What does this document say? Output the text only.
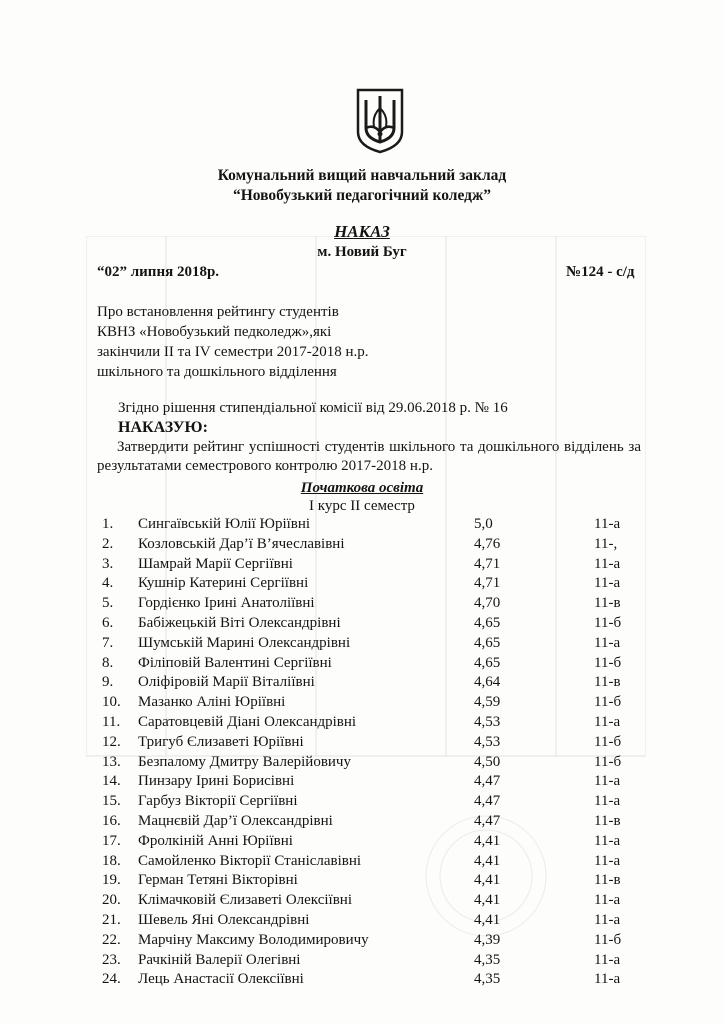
Комунальний вищий навчальний заклад
“Новобузький педагогічний коледж”
НАКАЗ
м. Новий Буг
“02” липня 2018р.	№124 - с/д
Про встановлення рейтингу студентів
КВНЗ «Новобузький педколедж»,які
закінчили ІІ та ІV семестри 2017-2018 н.р.
шкільного та дошкільного відділення
Згідно рішення стипендіальної комісії від 29.06.2018 р. № 16
НАКАЗУЮ:
Затвердити рейтинг успішності студентів шкільного та дошкільного відділень за результатами семестрового контролю 2017-2018 н.р.
Початкова освіта
І курс ІІ семестр
1. Сингаївській Юлії Юріївні	5,0	11-а
2. Козловській Дар’ї В’ячеславівні	4,76	11-,
3. Шамрай Марії Сергіївні	4,71	11-а
4. Кушнір Катерині Сергіївні	4,71	11-а
5. Гордієнко Ірині Анатоліївні	4,70	11-в
6. Бабіжецькій Віті Олександрівні	4,65	11-б
7. Шумській Марині Олександрівні	4,65	11-а
8. Філіповій Валентині Сергіївні	4,65	11-б
9. Оліфіровій Марії Віталіївні	4,64	11-в
10. Мазанко Аліні Юріївні	4,59	11-б
11. Саратовцевій Діані Олександрівні	4,53	11-а
12. Тригуб Єлизаветі Юріївні	4,53	11-б
13. Безпалому Дмитру Валерійовичу	4,50	11-б
14. Пинзару Ірині Борисівні	4,47	11-а
15. Гарбуз Вікторії Сергіївні	4,47	11-а
16. Мацнєвій Дар’ї Олександрівні	4,47	11-в
17. Фролкіній Анні Юріївні	4,41	11-а
18. Самойленко Вікторії Станіславівні	4,41	11-а
19. Герман Тетяні Вікторівні	4,41	11-в
20. Клімачковій Єлизаветі Олексіївні	4,41	11-а
21. Шевель Яні Олександрівні	4,41	11-а
22. Марчіну Максиму Володимировичу	4,39	11-б
23. Рачкіній Валерії Олегівні	4,35	11-а
24. Лець Анастасії Олексіївні	4,35	11-а
